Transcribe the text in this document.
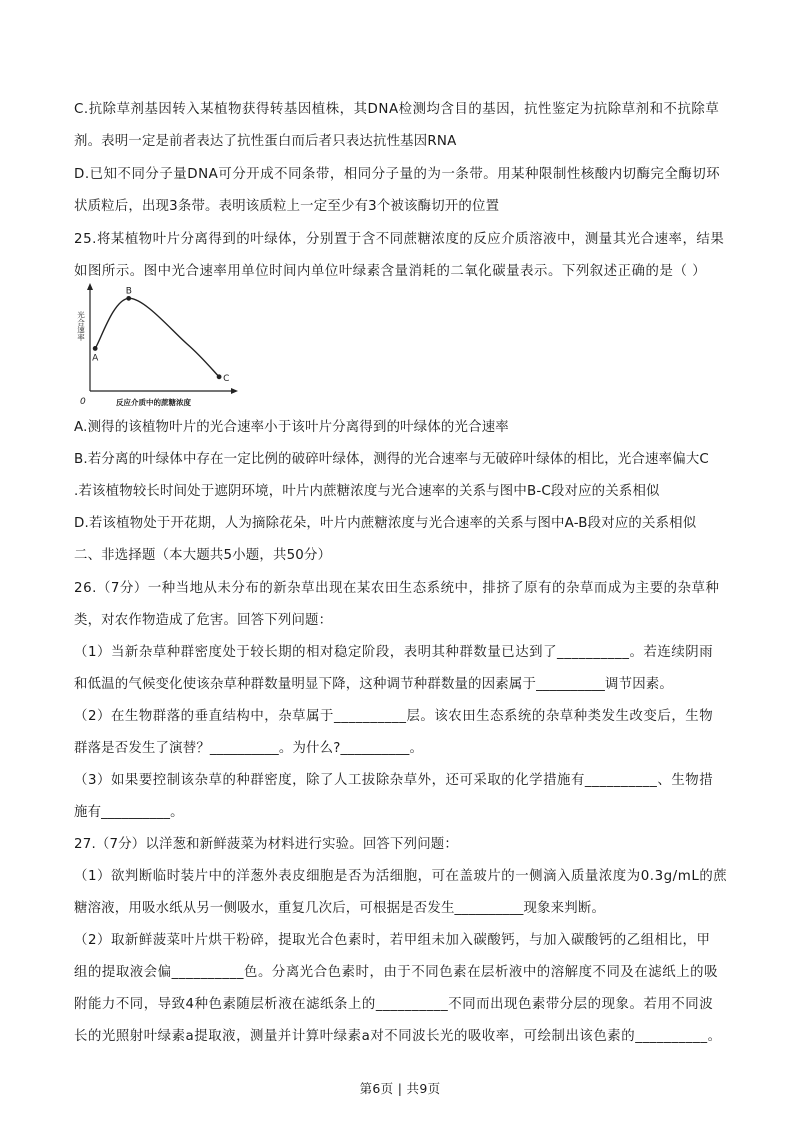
C.抗除草剂基因转入某植物获得转基因植株，其DNA检测均含目的基因，抗性鉴定为抗除草剂和不抗除草
剂。表明一定是前者表达了抗性蛋白而后者只表达抗性基因RNA
D.已知不同分子量DNA可分开成不同条带，相同分子量的为一条带。用某种限制性核酸内切酶完全酶切环
状质粒后，出现3条带。表明该质粒上一定至少有3个被该酶切开的位置
25.将某植物叶片分离得到的叶绿体，分别置于含不同蔗糖浓度的反应介质溶液中，测量其光合速率，结果
如图所示。图中光合速率用单位时间内单位叶绿素含量消耗的二氧化碳量表示。下列叙述正确的是（ ）
0
光合速率
反应介质中的蔗糖浓度
A
B
C
A.测得的该植物叶片的光合速率小于该叶片分离得到的叶绿体的光合速率
B.若分离的叶绿体中存在一定比例的破碎叶绿体，测得的光合速率与无破碎叶绿体的相比，光合速率偏大C
.若该植物较长时间处于遮阴环境，叶片内蔗糖浓度与光合速率的关系与图中B-C段对应的关系相似
D.若该植物处于开花期，人为摘除花朵，叶片内蔗糖浓度与光合速率的关系与图中A-B段对应的关系相似
二、非选择题（本大题共5小题，共50分）
26.（7分）一种当地从未分布的新杂草出现在某农田生态系统中，排挤了原有的杂草而成为主要的杂草种
类，对农作物造成了危害。回答下列问题：
（1）当新杂草种群密度处于较长期的相对稳定阶段，表明其种群数量已达到了__________。若连续阴雨
和低温的气候变化使该杂草种群数量明显下降，这种调节种群数量的因素属于__________调节因素。
（2）在生物群落的垂直结构中，杂草属于__________层。该农田生态系统的杂草种类发生改变后，生物
群落是否发生了演替？__________。为什么?__________。
（3）如果要控制该杂草的种群密度，除了人工拔除杂草外，还可采取的化学措施有__________、生物措
施有__________。
27.（7分）以洋葱和新鲜菠菜为材料进行实验。回答下列问题：
（1）欲判断临时装片中的洋葱外表皮细胞是否为活细胞，可在盖玻片的一侧滴入质量浓度为0.3g/mL的蔗
糖溶液，用吸水纸从另一侧吸水，重复几次后，可根据是否发生__________现象来判断。
（2）取新鲜菠菜叶片烘干粉碎，提取光合色素时，若甲组未加入碳酸钙，与加入碳酸钙的乙组相比，甲
组的提取液会偏__________色。分离光合色素时，由于不同色素在层析液中的溶解度不同及在滤纸上的吸
附能力不同，导致4种色素随层析液在滤纸条上的__________不同而出现色素带分层的现象。若用不同波
长的光照射叶绿素a提取液，测量并计算叶绿素a对不同波长光的吸收率，可绘制出该色素的__________。
第6页 | 共9页
